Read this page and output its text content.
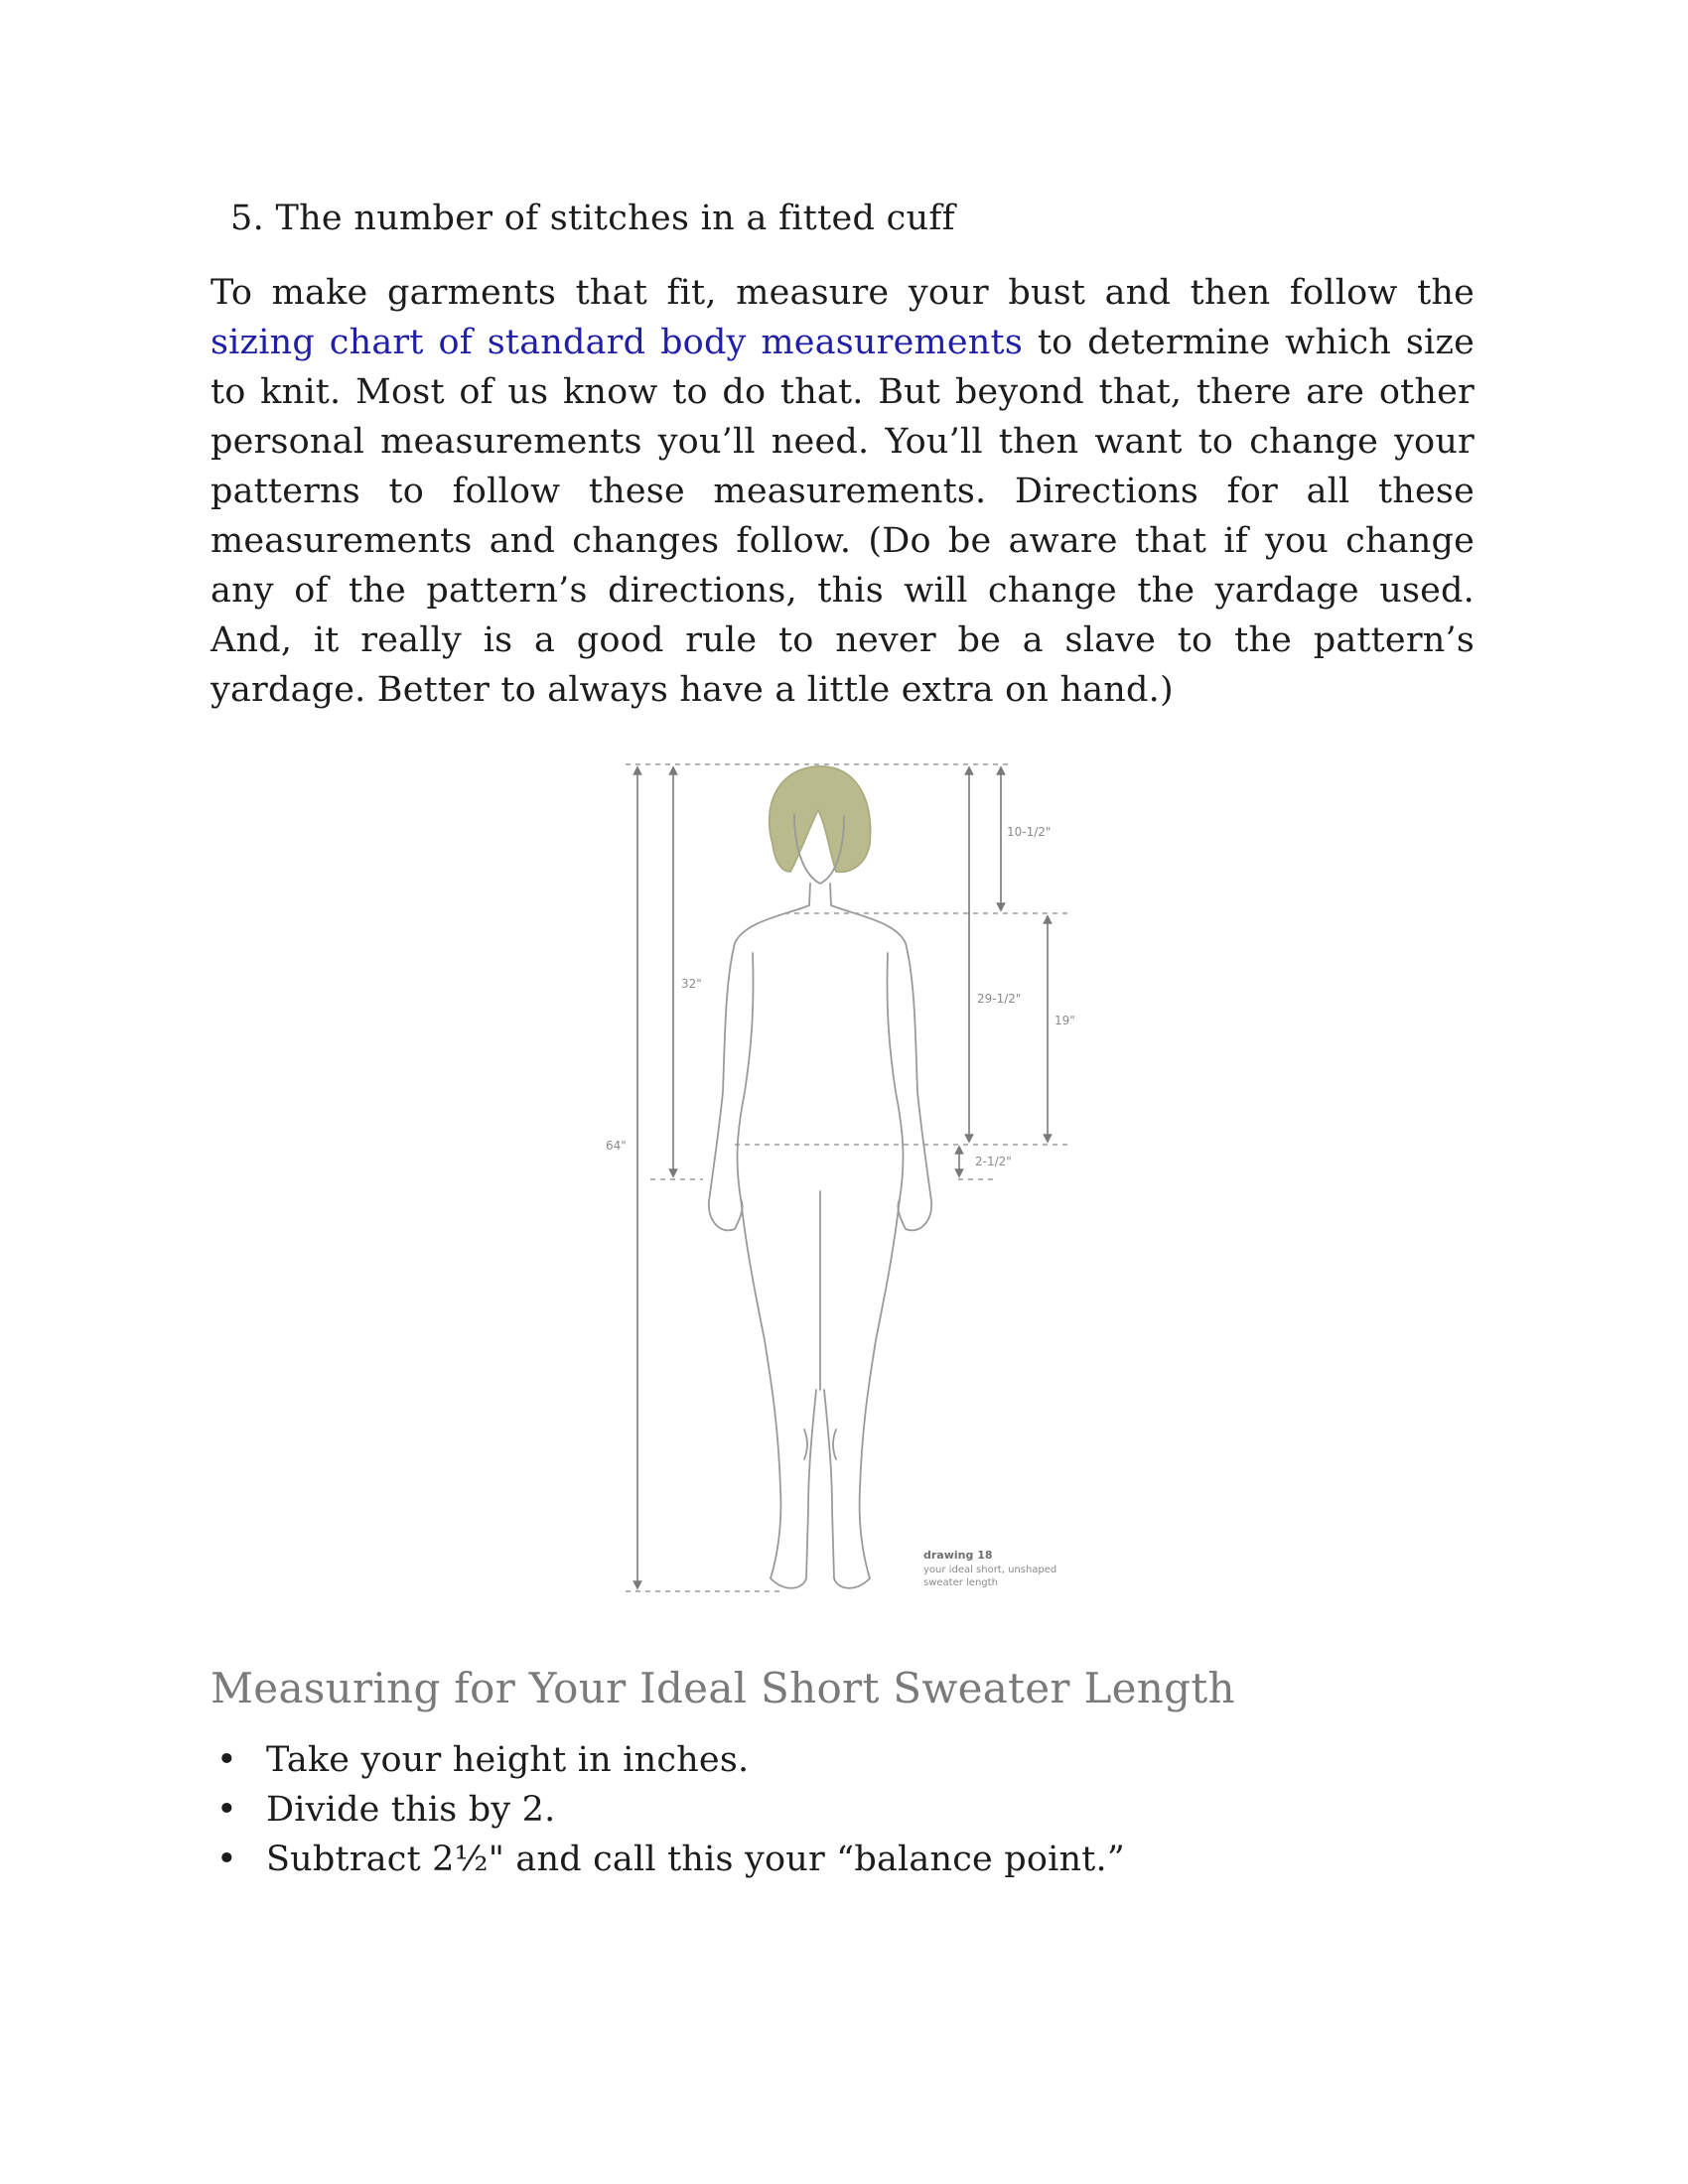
5. The number of stitches in a fitted cuff

To make garments that fit, measure your bust and then follow the sizing chart of standard body measurements to determine which size to knit. Most of us know to do that. But beyond that, there are other personal measurements you’ll need. You’ll then want to change your patterns to follow these measurements. Directions for all these measurements and changes follow. (Do be aware that if you change any of the pattern’s directions, this will change the yardage used. And, it really is a good rule to never be a slave to the pattern’s yardage. Better to always have a little extra on hand.)

64"
32"
10-1/2"
29-1/2"
19"
2-1/2"
drawing 18
your ideal short, unshaped
sweater length
Measuring for Your Ideal Short Sweater Length
• Take your height in inches.
• Divide this by 2.
• Subtract 2½" and call this your “balance point.”
